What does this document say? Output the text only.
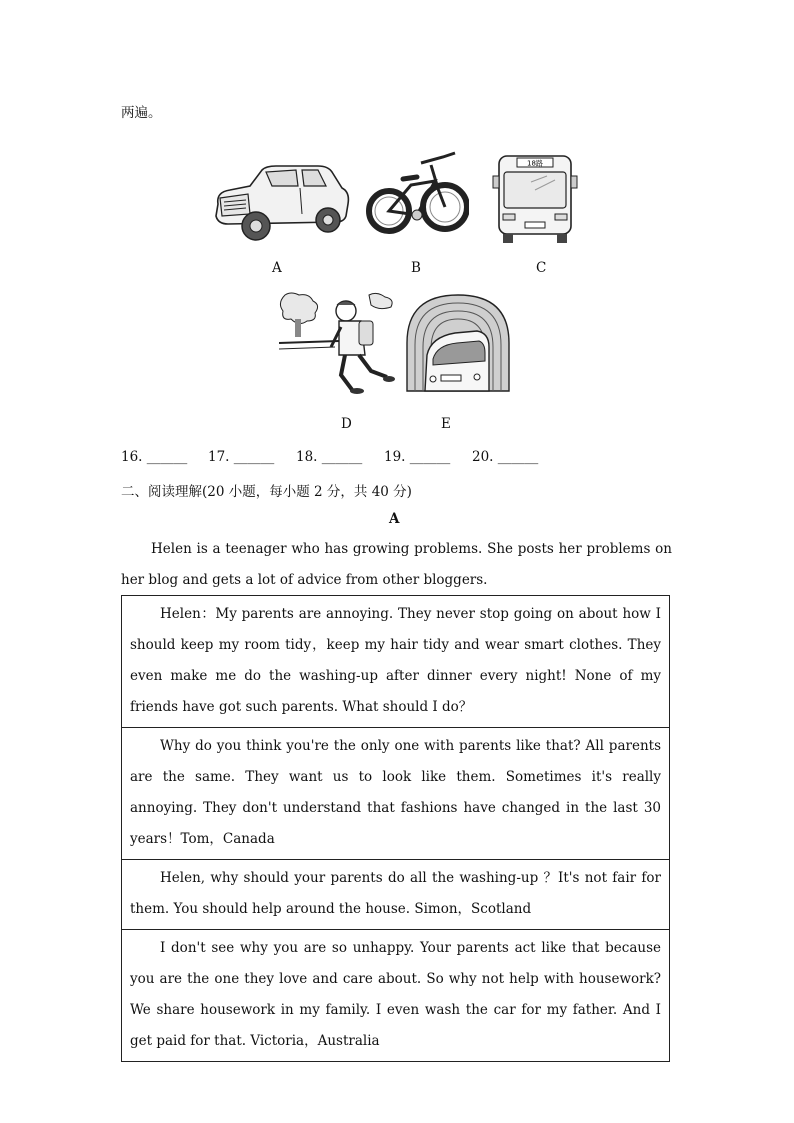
两遍。
A	B
18路
C
D	E
16. ______ 17. ______ 18. ______ 19. ______ 20. ______
二、阅读理解(20 小题，每小题 2 分，共 40 分)
A
Helen is a teenager who has growing problems. She posts her problems on her blog and gets a lot of advice from other bloggers.
Helen：My parents are annoying. They never stop going on about how I should keep my room tidy，keep my hair tidy and wear smart clothes. They even make me do the washing-up after dinner every night! None of my friends have got such parents. What should I do？
Why do you think you're the only one with parents like that? All parents are the same. They want us to look like them. Sometimes it's really annoying. They don't understand that fashions have changed in the last 30 years！Tom，Canada
Helen, why should your parents do all the washing-up ？It's not fair for them. You should help around the house. Simon，Scotland
I don't see why you are so unhappy. Your parents act like that because you are the one they love and care about. So why not help with housework? We share housework in my family. I even wash the car for my father. And I get paid for that. Victoria，Australia
